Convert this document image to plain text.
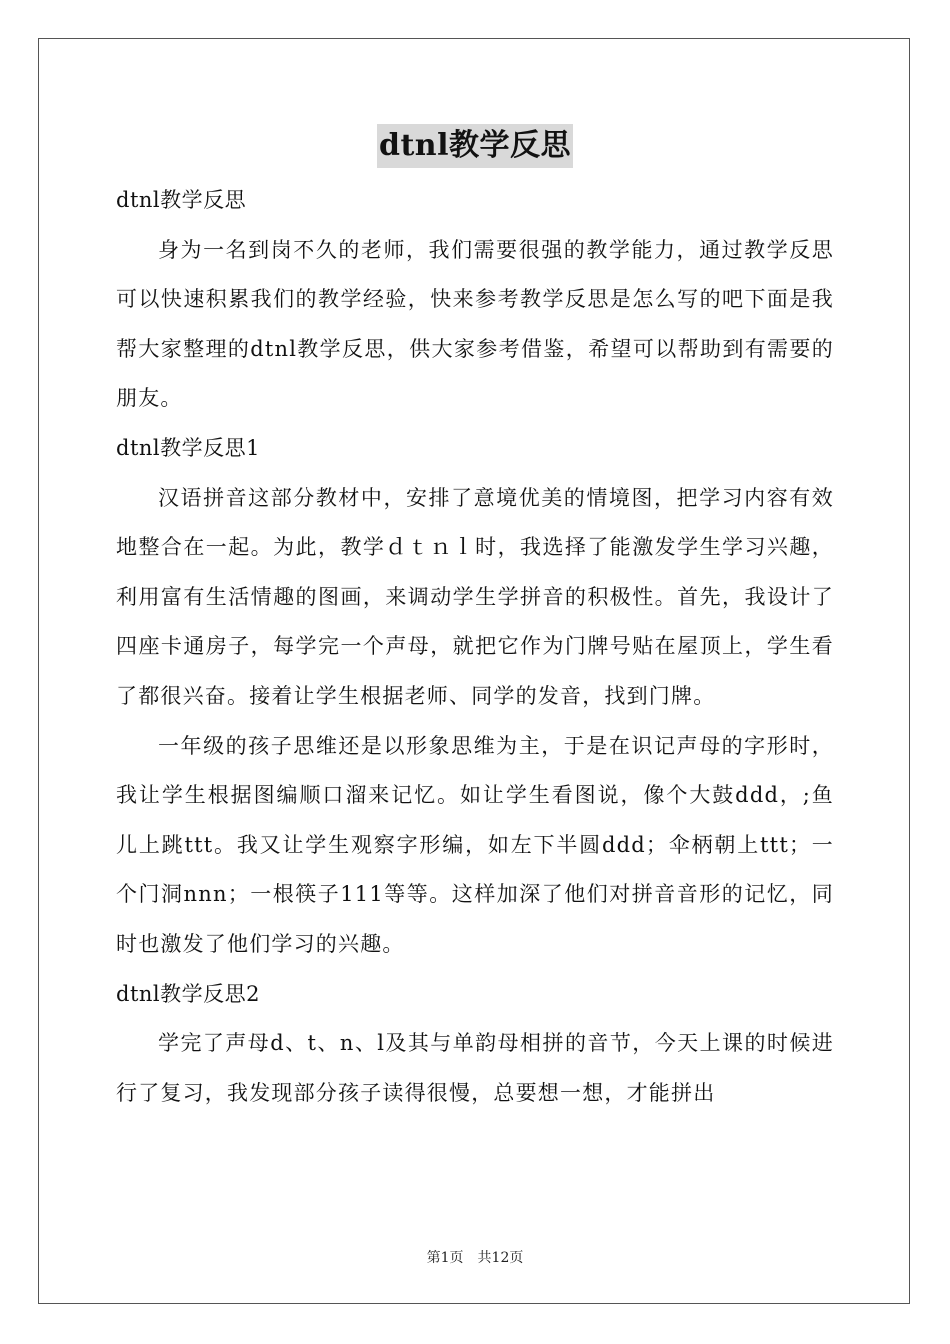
dtnl教学反思

dtnl教学反思

身为一名到岗不久的老师，我们需要很强的教学能力，通过教学反思可以快速积累我们的教学经验，快来参考教学反思是怎么写的吧下面是我帮大家整理的dtnl教学反思，供大家参考借鉴，希望可以帮助到有需要的朋友。

dtnl教学反思1

汉语拼音这部分教材中，安排了意境优美的情境图，把学习内容有效地整合在一起。为此，教学ｄｔｎｌ时，我选择了能激发学生学习兴趣，利用富有生活情趣的图画，来调动学生学拼音的积极性。首先，我设计了四座卡通房子，每学完一个声母，就把它作为门牌号贴在屋顶上，学生看了都很兴奋。接着让学生根据老师、同学的发音，找到门牌。

一年级的孩子思维还是以形象思维为主，于是在识记声母的字形时，我让学生根据图编顺口溜来记忆。如让学生看图说，像个大鼓ddd，;鱼儿上跳ttt。我又让学生观察字形编，如左下半圆ddd；伞柄朝上ttt；一个门洞nnn；一根筷子111等等。这样加深了他们对拼音音形的记忆，同时也激发了他们学习的兴趣。

dtnl教学反思2

学完了声母d、t、n、l及其与单韵母相拼的音节，今天上课的时候进行了复习，我发现部分孩子读得很慢，总要想一想，才能拼出

第1页 共12页
